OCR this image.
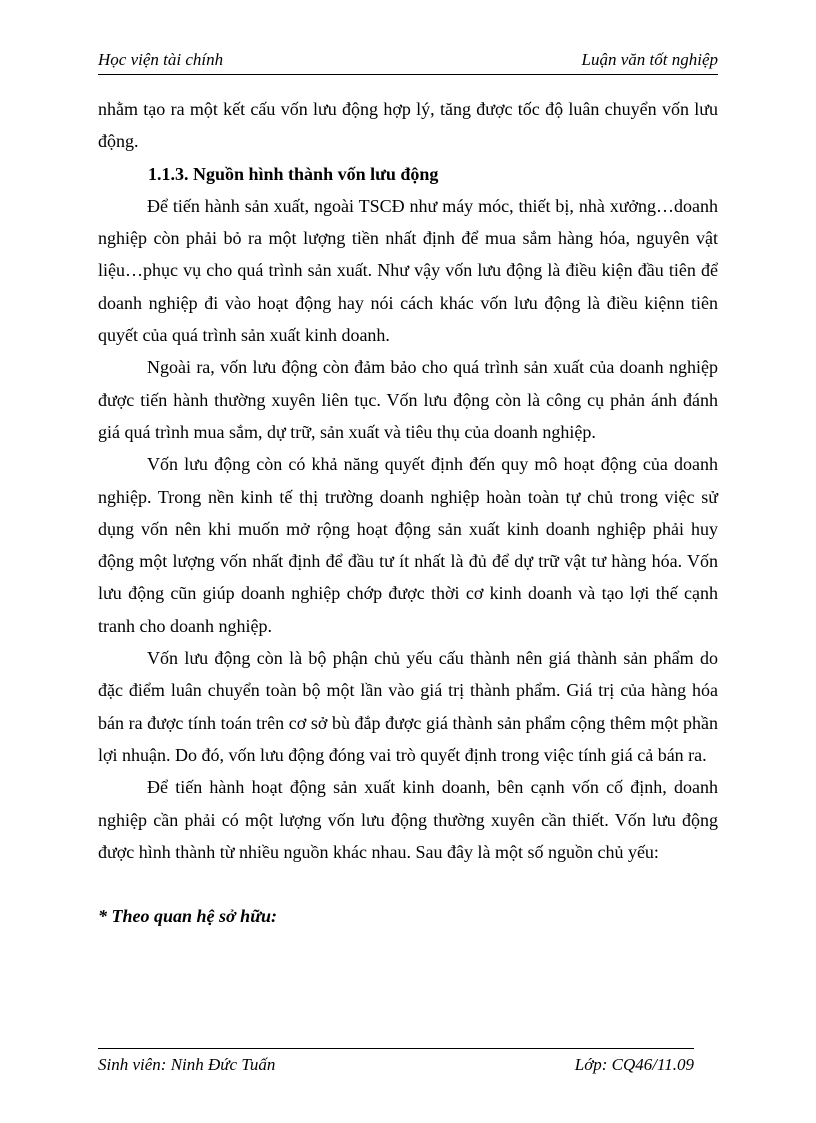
Học viện tài chính	Luận văn tốt nghiệp

nhằm tạo ra một kết cấu vốn lưu động hợp lý, tăng được tốc độ luân chuyển vốn lưu động.

1.1.3. Nguồn hình thành vốn lưu động

Để tiến hành sản xuất, ngoài TSCĐ như máy móc, thiết bị, nhà xưởng…doanh nghiệp còn phải bỏ ra một lượng tiền nhất định để mua sắm hàng hóa, nguyên vật liệu…phục vụ cho quá trình sản xuất. Như vậy vốn lưu động là điều kiện đầu tiên để doanh nghiệp đi vào hoạt động hay nói cách khác vốn lưu động là điều kiệnn tiên quyết của quá trình sản xuất kinh doanh.

Ngoài ra, vốn lưu động còn đảm bảo cho quá trình sản xuất của doanh nghiệp được tiến hành thường xuyên liên tục. Vốn lưu động còn là công cụ phản ánh đánh giá quá trình mua sắm, dự trữ, sản xuất và tiêu thụ của doanh nghiệp.

Vốn lưu động còn có khả năng quyết định đến quy mô hoạt động của doanh nghiệp. Trong nền kinh tế thị trường doanh nghiệp hoàn toàn tự chủ trong việc sử dụng vốn nên khi muốn mở rộng hoạt động sản xuất kinh doanh nghiệp phải huy động một lượng vốn nhất định để đầu tư ít nhất là đủ để dự trữ vật tư hàng hóa. Vốn lưu động cũn giúp doanh nghiệp chớp được thời cơ kinh doanh và tạo lợi thế cạnh tranh cho doanh nghiệp.

Vốn lưu động còn là bộ phận chủ yếu cấu thành nên giá thành sản phẩm do đặc điểm luân chuyển toàn bộ một lần vào giá trị thành phẩm. Giá trị của hàng hóa bán ra được tính toán trên cơ sở bù đắp được giá thành sản phẩm cộng thêm một phần lợi nhuận. Do đó, vốn lưu động đóng vai trò quyết định trong việc tính giá cả bán ra.

Để tiến hành hoạt động sản xuất kinh doanh, bên cạnh vốn cố định, doanh nghiệp cần phải có một lượng vốn lưu động thường xuyên cần thiết. Vốn lưu động được hình thành từ nhiều nguồn khác nhau. Sau đây là một số nguồn chủ yếu:

* Theo quan hệ sở hữu:

Sinh viên: Ninh Đức Tuấn	Lớp: CQ46/11.09
